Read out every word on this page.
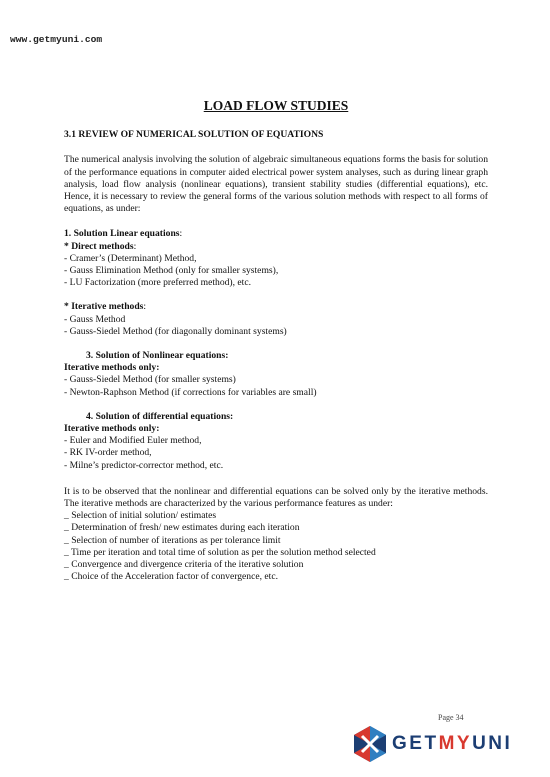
www.getmyuni.com
LOAD FLOW STUDIES
3.1 REVIEW OF NUMERICAL SOLUTION OF EQUATIONS
The numerical analysis involving the solution of algebraic simultaneous equations forms the basis for solution of the performance equations in computer aided electrical power system analyses, such as during linear graph analysis, load flow analysis (nonlinear equations), transient stability studies (differential equations), etc. Hence, it is necessary to review the general forms of the various solution methods with respect to all forms of equations, as under:
1. Solution Linear equations:
* Direct methods:
- Cramer’s (Determinant) Method,
- Gauss Elimination Method (only for smaller systems),
- LU Factorization (more preferred method), etc.
* Iterative methods:
- Gauss Method
- Gauss-Siedel Method (for diagonally dominant systems)
3. Solution of Nonlinear equations:
Iterative methods only:
- Gauss-Siedel Method (for smaller systems)
- Newton-Raphson Method (if corrections for variables are small)
4. Solution of differential equations:
Iterative methods only:
- Euler and Modified Euler method,
- RK IV-order method,
- Milne’s predictor-corrector method, etc.
It is to be observed that the nonlinear and differential equations can be solved only by the iterative methods. The iterative methods are characterized by the various performance features as under:
_ Selection of initial solution/ estimates
_ Determination of fresh/ new estimates during each iteration
_ Selection of number of iterations as per tolerance limit
_ Time per iteration and total time of solution as per the solution method selected
_ Convergence and divergence criteria of the iterative solution
_ Choice of the Acceleration factor of convergence, etc.
Page 34
GETMYUNI
